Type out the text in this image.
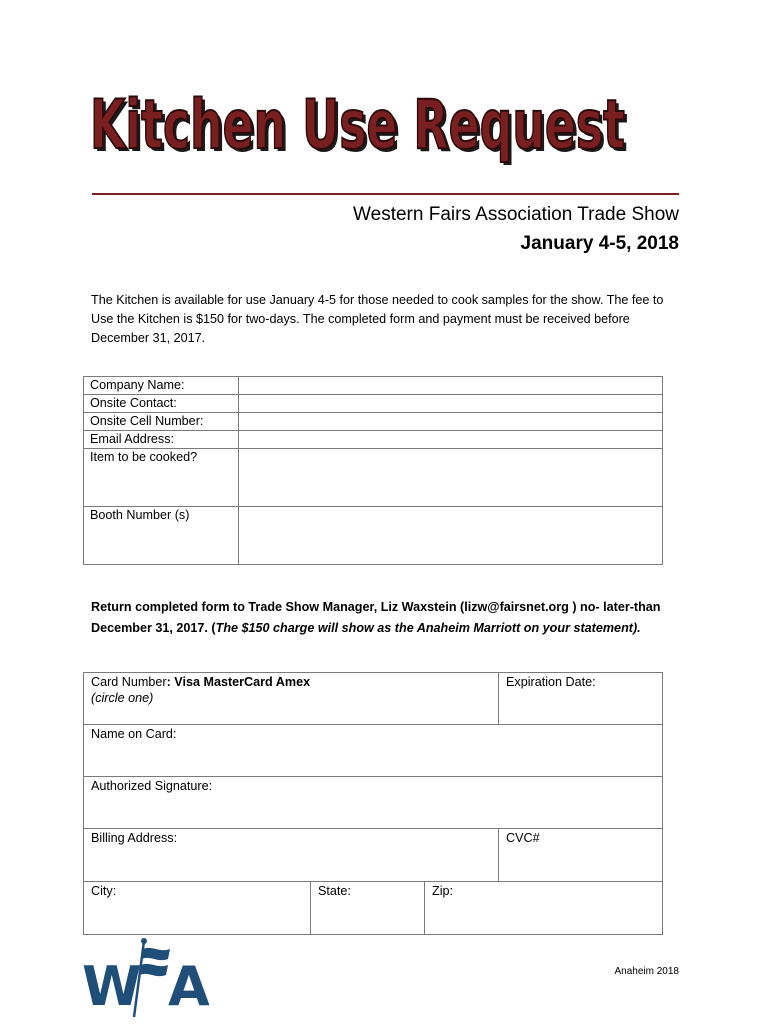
Kitchen Use Request
Kitchen Use Request
Western Fairs Association Trade Show
January 4-5, 2018
The Kitchen is available for use January 4-5 for those needed to cook samples for the show. The fee to Use the Kitchen is $150 for two-days. The completed form and payment must be received before December 31, 2017.
Company Name:	
Onsite Contact:	
Onsite Cell Number:	
Email Address:	
Item to be cooked?	
Booth Number (s)	
Return completed form to Trade Show Manager, Liz Waxstein (lizw@fairsnet.org ) no- later-than December 31, 2017. (The $150 charge will show as the Anaheim Marriott on your statement).
Card Number: Visa MasterCard Amex
(circle one)
Expiration Date:
Name on Card:
Authorized Signature:
Billing Address:	CVC#
City:	State:	Zip:
W A	Anaheim 2018
